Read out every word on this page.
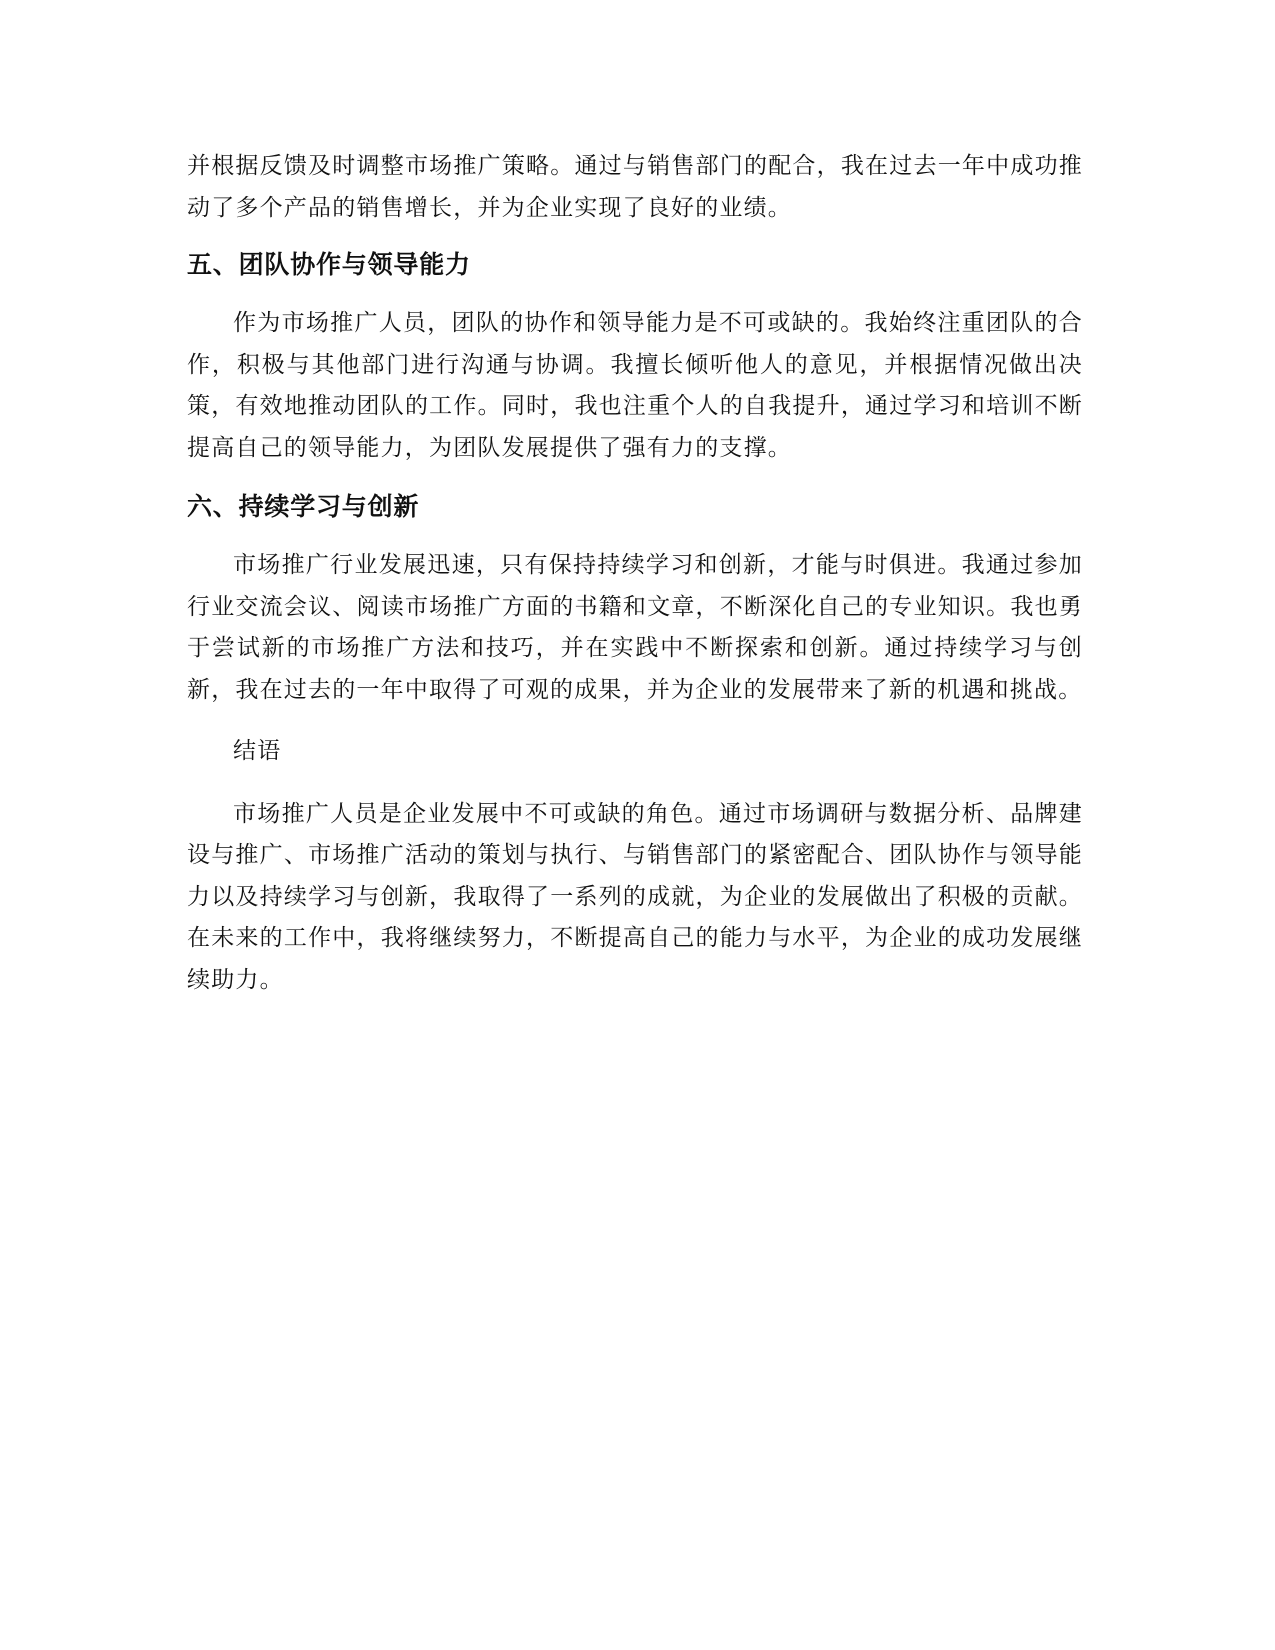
并根据反馈及时调整市场推广策略。通过与销售部门的配合，我在过去一年中成功推动了多个产品的销售增长，并为企业实现了良好的业绩。

五、团队协作与领导能力

作为市场推广人员，团队的协作和领导能力是不可或缺的。我始终注重团队的合作，积极与其他部门进行沟通与协调。我擅长倾听他人的意见，并根据情况做出决策，有效地推动团队的工作。同时，我也注重个人的自我提升，通过学习和培训不断提高自己的领导能力，为团队发展提供了强有力的支撑。

六、持续学习与创新

市场推广行业发展迅速，只有保持持续学习和创新，才能与时俱进。我通过参加行业交流会议、阅读市场推广方面的书籍和文章，不断深化自己的专业知识。我也勇于尝试新的市场推广方法和技巧，并在实践中不断探索和创新。通过持续学习与创新，我在过去的一年中取得了可观的成果，并为企业的发展带来了新的机遇和挑战。

结语

市场推广人员是企业发展中不可或缺的角色。通过市场调研与数据分析、品牌建设与推广、市场推广活动的策划与执行、与销售部门的紧密配合、团队协作与领导能力以及持续学习与创新，我取得了一系列的成就，为企业的发展做出了积极的贡献。在未来的工作中，我将继续努力，不断提高自己的能力与水平，为企业的成功发展继续助力。
